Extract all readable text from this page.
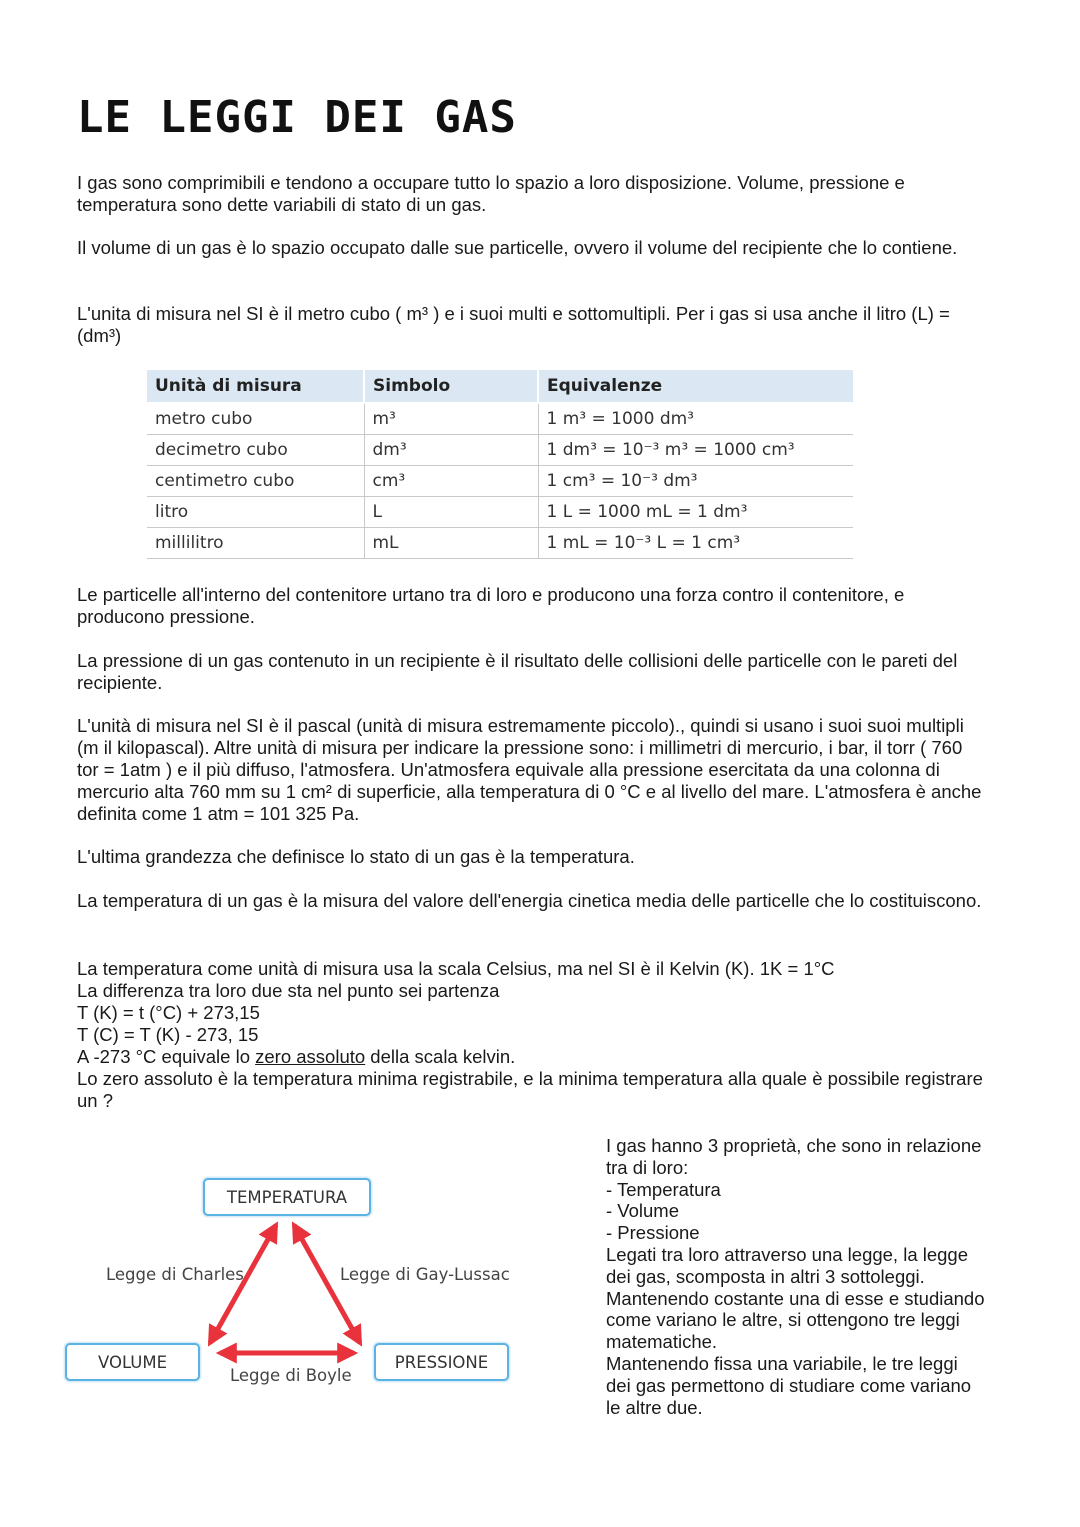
LE LEGGI DEI GAS

I gas sono comprimibili e tendono a occupare tutto lo spazio a loro disposizione. Volume, pressione e temperatura sono dette variabili di stato di un gas.

Il volume di un gas è lo spazio occupato dalle sue particelle, ovvero il volume del recipiente che lo contiene.

L'unita di misura nel SI è il metro cubo ( m³ ) e i suoi multi e sottomultipli. Per i gas si usa anche il litro (L) = (dm³)

Unità di misura	Simbolo	Equivalenze
metro cubo	m³	1 m³ = 1000 dm³
decimetro cubo	dm³	1 dm³ = 10⁻³ m³ = 1000 cm³
centimetro cubo	cm³	1 cm³ = 10⁻³ dm³
litro	L	1 L = 1000 mL = 1 dm³
millilitro	mL	1 mL = 10⁻³ L = 1 cm³

Le particelle all'interno del contenitore urtano tra di loro e producono una forza contro il contenitore, e producono pressione.

La pressione di un gas contenuto in un recipiente è il risultato delle collisioni delle particelle con le pareti del recipiente.

L'unità di misura nel SI è il pascal (unità di misura estremamente piccolo)., quindi si usano i suoi suoi multipli (m il kilopascal). Altre unità di misura per indicare la pressione sono: i millimetri di mercurio, i bar, il torr ( 760 tor = 1atm ) e il più diffuso, l'atmosfera. Un'atmosfera equivale alla pressione esercitata da una colonna di mercurio alta 760 mm su 1 cm² di superficie, alla temperatura di 0 °C e al livello del mare. L'atmosfera è anche definita come 1 atm = 101 325 Pa.

L'ultima grandezza che definisce lo stato di un gas è la temperatura.

La temperatura di un gas è la misura del valore dell'energia cinetica media delle particelle che lo costituiscono.

La temperatura come unità di misura usa la scala Celsius, ma nel SI è il Kelvin (K). 1K = 1°C
La differenza tra loro due sta nel punto sei partenza
T (K) = t (°C) + 273,15
T (C) = T (K) - 273, 15
A -273 °C equivale lo zero assoluto della scala kelvin.
Lo zero assoluto è la temperatura minima registrabile, e la minima temperatura alla quale è possibile registrare un ?
TEMPERATURA
VOLUME	PRESSIONE
Legge di Charles	Legge di Gay-Lussac
Legge di Boyle
I gas hanno 3 proprietà, che sono in relazione tra di loro:
- Temperatura
- Volume
- Pressione
Legati tra loro attraverso una legge, la legge dei gas, scomposta in altri 3 sottoleggi. Mantenendo costante una di esse e studiando come variano le altre, si ottengono tre leggi matematiche.
Mantenendo fissa una variabile, le tre leggi dei gas permettono di studiare come variano le altre due.
